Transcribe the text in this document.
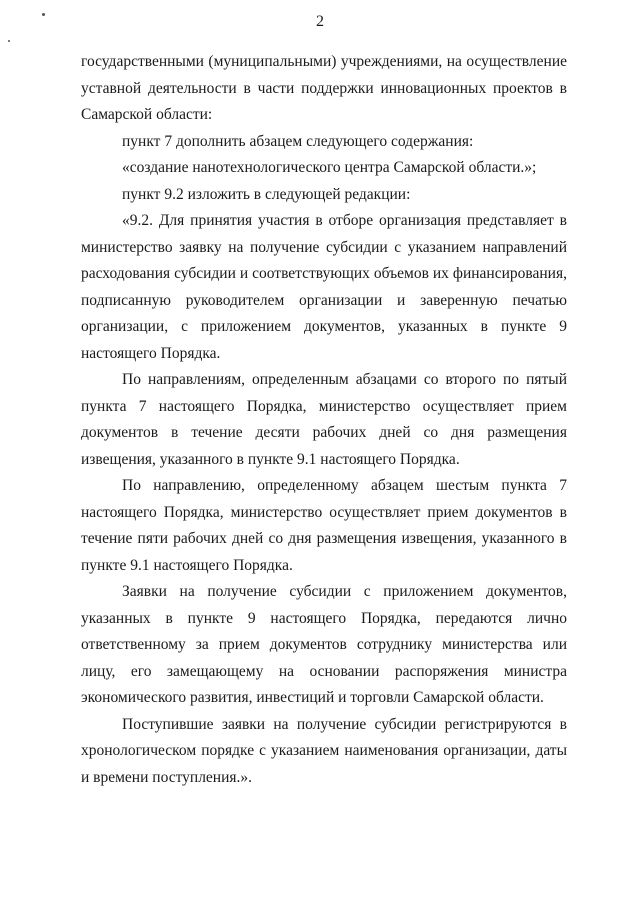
2

государственными (муниципальными) учреждениями, на осуществление уставной деятельности в части поддержки инновационных проектов в Самарской области:

пункт 7 дополнить абзацем следующего содержания:

«создание нанотехнологического центра Самарской области.»;

пункт 9.2 изложить в следующей редакции:

«9.2. Для принятия участия в отборе организация представляет в министерство заявку на получение субсидии с указанием направлений расходования субсидии и соответствующих объемов их финансирования, подписанную руководителем организации и заверенную печатью организации, с приложением документов, указанных в пункте 9 настоящего Порядка.

По направлениям, определенным абзацами со второго по пятый пункта 7 настоящего Порядка, министерство осуществляет прием документов в течение десяти рабочих дней со дня размещения извещения, указанного в пункте 9.1 настоящего Порядка.

По направлению, определенному абзацем шестым пункта 7 настоящего Порядка, министерство осуществляет прием документов в течение пяти рабочих дней со дня размещения извещения, указанного в пункте 9.1 настоящего Порядка.

Заявки на получение субсидии с приложением документов, указанных в пункте 9 настоящего Порядка, передаются лично ответственному за прием документов сотруднику министерства или лицу, его замещающему на основании распоряжения министра экономического развития, инвестиций и торговли Самарской области.

Поступившие заявки на получение субсидии регистрируются в хронологическом порядке с указанием наименования организации, даты и времени поступления.».
